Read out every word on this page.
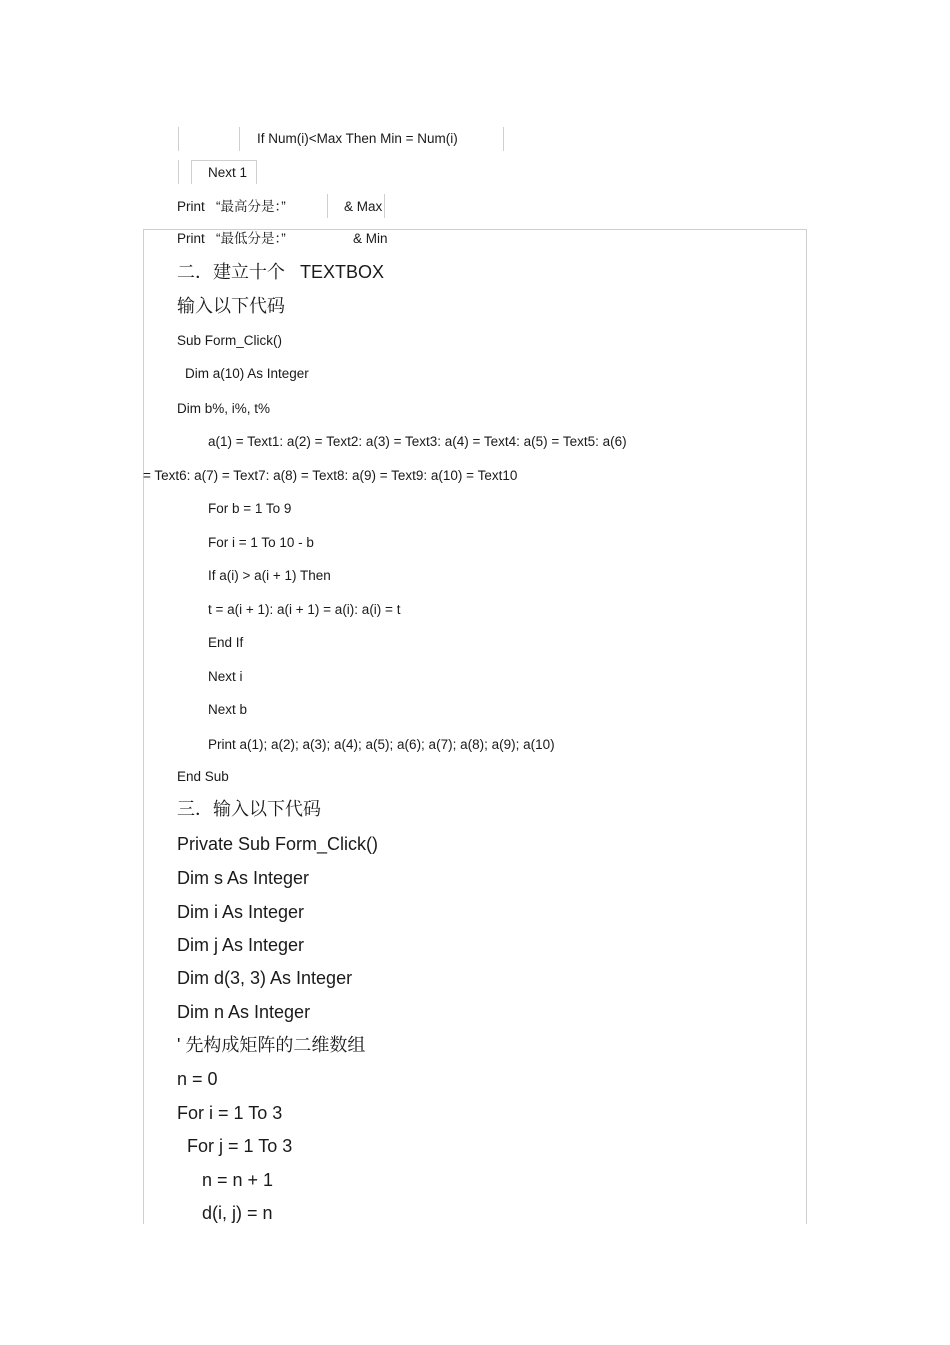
If Num(i)<Max Then Min = Num(i)
Next 1
Print   “最高分是：”	& Max
Print   “最低分是：”	& Min
二．建立十个   TEXTBOX
输入以下代码
Sub Form_Click()
Dim a(10) As Integer
Dim b%, i%, t%
a(1) = Text1: a(2) = Text2: a(3) = Text3: a(4) = Text4: a(5) = Text5: a(6)
= Text6: a(7) = Text7: a(8) = Text8: a(9) = Text9: a(10) = Text10
For b = 1 To 9
For i = 1 To 10 - b
If a(i) > a(i + 1) Then
t = a(i + 1): a(i + 1) = a(i): a(i) = t
End If
Next i
Next b
Print a(1); a(2); a(3); a(4); a(5); a(6); a(7); a(8); a(9); a(10)
End Sub
三．输入以下代码
Private Sub Form_Click()
Dim s As Integer
Dim i As Integer
Dim j As Integer
Dim d(3, 3) As Integer
Dim n As Integer
' 先构成矩阵的二维数组
n = 0
For i = 1 To 3
For j = 1 To 3
n = n + 1
d(i, j) = n
